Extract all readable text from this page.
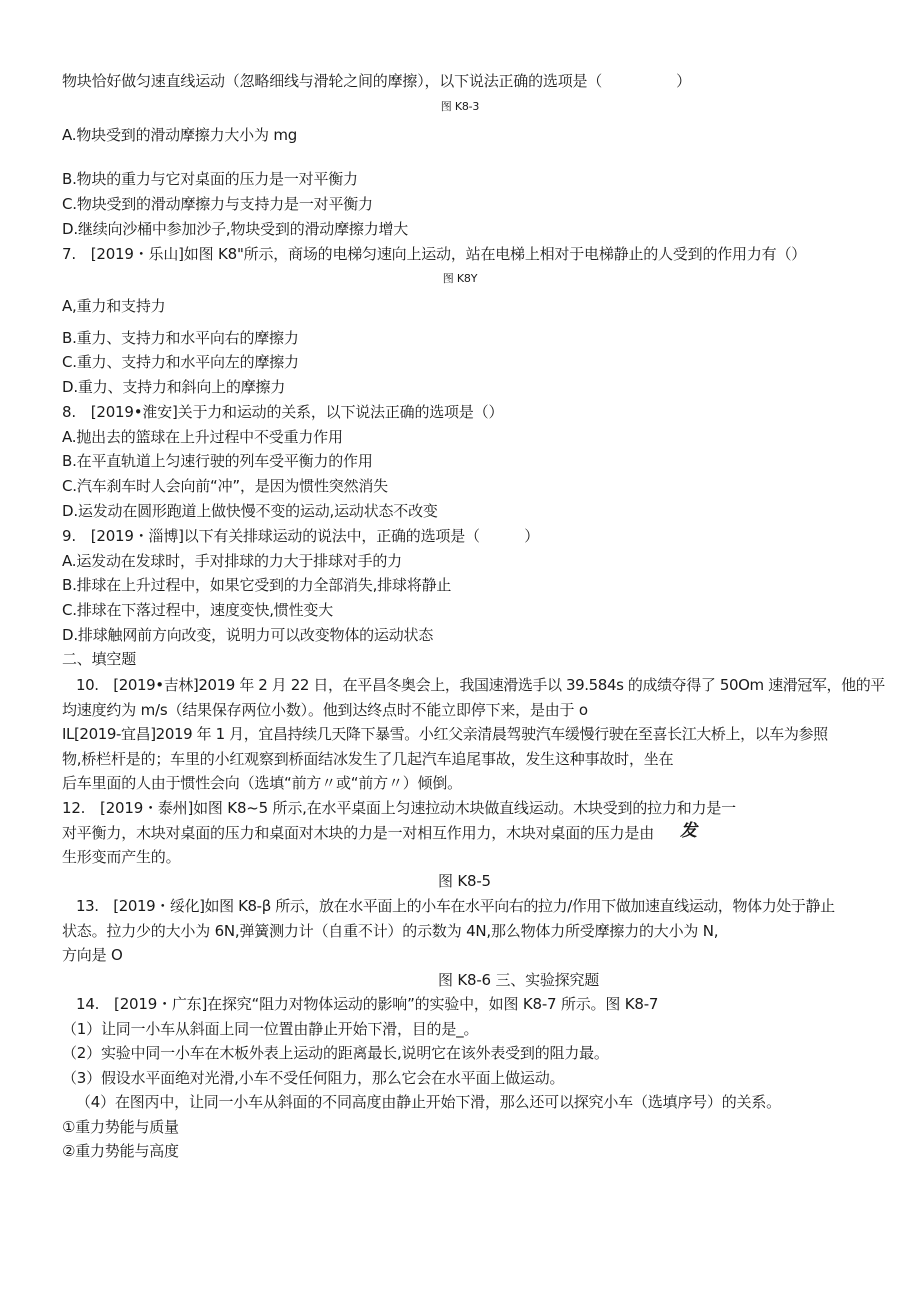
物块恰好做匀速直线运动（忽略细线与滑轮之间的摩擦），以下说法正确的选项是（　　　　　）
图 K8-3
A.物块受到的滑动摩擦力大小为 mg
B.物块的重力与它对桌面的压力是一对平衡力
C.物块受到的滑动摩擦力与支持力是一对平衡力
D.继续向沙桶中参加沙子,物块受到的滑动摩擦力增大
7.　[2019・乐山]如图 K8"所示，商场的电梯匀速向上运动，站在电梯上相对于电梯静止的人受到的作用力有（）
图 K8Y
A,重力和支持力
B.重力、支持力和水平向右的摩擦力
C.重力、支持力和水平向左的摩擦力
D.重力、支持力和斜向上的摩擦力
8.　[2019•淮安]关于力和运动的关系，以下说法正确的选项是（）
A.抛出去的篮球在上升过程中不受重力作用
B.在平直轨道上匀速行驶的列车受平衡力的作用
C.汽车刹车时人会向前“冲”，是因为惯性突然消失
D.运发动在圆形跑道上做快慢不变的运动,运动状态不改变
9.　[2019・淄博]以下有关排球运动的说法中，正确的选项是（　　　）
A.运发动在发球时，手对排球的力大于排球对手的力
B.排球在上升过程中，如果它受到的力全部消失,排球将静止
C.排球在下落过程中，速度变快,惯性变大
D.排球触网前方向改变，说明力可以改变物体的运动状态
二、填空题
10.　[2019•吉林]2019 年 2 月 22 日，在平昌冬奥会上，我国速滑选手以 39.584s 的成绩夺得了 50Om 速滑冠军，他的平
均速度约为 m/s（结果保存两位小数）。他到达终点时不能立即停下来，是由于 o
IL[2019-宜昌]2019 年 1 月，宜昌持续几天降下暴雪。小红父亲清晨驾驶汽车缓慢行驶在至喜长江大桥上，以车为参照
物,桥栏杆是的；车里的小红观察到桥面结冰发生了几起汽车追尾事故，发生这种事故时，坐在
后车里面的人由于惯性会向（选填“前方〃或“前方〃）倾倒。
12.　[2019・泰州]如图 K8~5 所示,在水平桌面上匀速拉动木块做直线运动。木块受到的拉力和力是一
对平衡力，木块对桌面的压力和桌面对木块的力是一对相互作用力，木块对桌面的压力是由 发
生形变而产生的。
图 K8-5
13.　[2019・绥化]如图 K8-β 所示，放在水平面上的小车在水平向右的拉力/作用下做加速直线运动，物体力处于静止
状态。拉力少的大小为 6N,弹簧测力计（自重不计）的示数为 4N,那么物体力所受摩擦力的大小为 N,
方向是 O
图 K8-6 三、实验探究题
14.　[2019・广东]在探究“阻力对物体运动的影响”的实验中，如图 K8-7 所示。图 K8-7
（1）让同一小车从斜面上同一位置由静止开始下滑，目的是_。
（2）实验中同一小车在木板外表上运动的距离最长,说明它在该外表受到的阻力最。
（3）假设水平面绝对光滑,小车不受任何阻力，那么它会在水平面上做运动。
（4）在图丙中，让同一小车从斜面的不同高度由静止开始下滑，那么还可以探究小车（选填序号）的关系。
①重力势能与质量
②重力势能与高度
